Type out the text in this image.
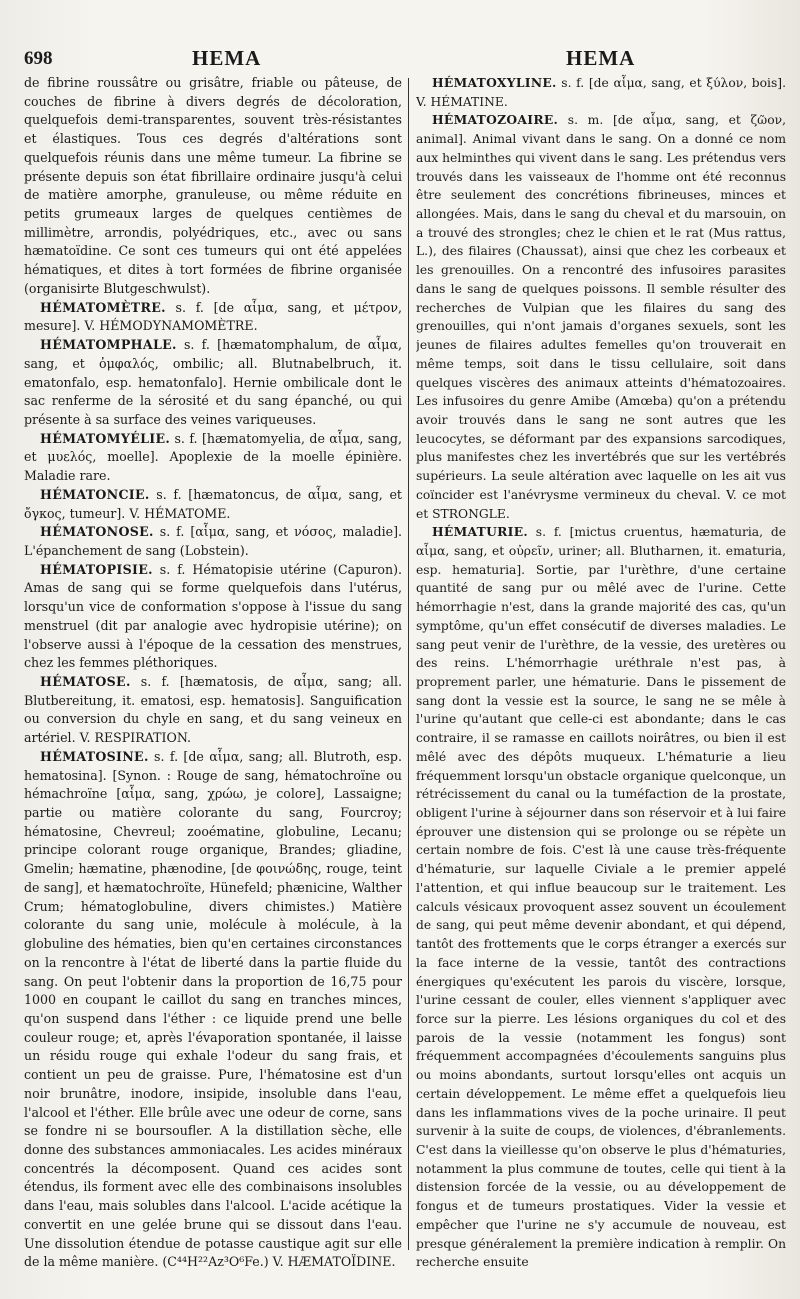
698	HEMA	HEMA

de fibrine roussâtre ou grisâtre, friable ou pâteuse, de couches de fibrine à divers degrés de décoloration, quelquefois demi-transparentes, souvent très-résistantes et élastiques. Tous ces degrés d'altérations sont quelquefois réunis dans une même tumeur. La fibrine se présente depuis son état fibrillaire ordinaire jusqu'à celui de matière amorphe, granuleuse, ou même réduite en petits grumeaux larges de quelques centièmes de millimètre, arrondis, polyédriques, etc., avec ou sans hæmatoïdine. Ce sont ces tumeurs qui ont été appelées hématiques, et dites à tort formées de fibrine organisée (organisirte Blutgeschwulst).

HÉMATOMÈTRE. s. f. [de αἷμα, sang, et μέτρον, mesure]. V. HÉMODYNAMOMÈTRE.

HÉMATOMPHALE. s. f. [hæmatomphalum, de αἷμα, sang, et ὀμφαλός, ombilic; all. Blutnabelbruch, it. ematonfalo, esp. hematonfalo]. Hernie ombilicale dont le sac renferme de la sérosité et du sang épanché, ou qui présente à sa surface des veines variqueuses.

HÉMATOMYÉLIE. s. f. [hæmatomyelia, de αἷμα, sang, et μυελός, moelle]. Apoplexie de la moelle épinière. Maladie rare.

HÉMATONCIE. s. f. [hæmatoncus, de αἷμα, sang, et ὄγκος, tumeur]. V. HÉMATOME.

HÉMATONOSE. s. f. [αἷμα, sang, et νόσος, maladie]. L'épanchement de sang (Lobstein).

HÉMATOPISIE. s. f. Hématopisie utérine (Capuron). Amas de sang qui se forme quelquefois dans l'utérus, lorsqu'un vice de conformation s'oppose à l'issue du sang menstruel (dit par analogie avec hydropisie utérine); on l'observe aussi à l'époque de la cessation des menstrues, chez les femmes pléthoriques.

HÉMATOSE. s. f. [hæmatosis, de αἷμα, sang; all. Blutbereitung, it. ematosi, esp. hematosis]. Sanguification ou conversion du chyle en sang, et du sang veineux en artériel. V. RESPIRATION.

HÉMATOSINE. s. f. [de αἷμα, sang; all. Blutroth, esp. hematosina]. [Synon. : Rouge de sang, hématochroïne ou hémachroïne [αἷμα, sang, χρώω, je colore], Lassaigne; partie ou matière colorante du sang, Fourcroy; hématosine, Chevreul; zooématine, globuline, Lecanu; principe colorant rouge organique, Brandes; gliadine, Gmelin; hæmatine, phænodine, [de φοινώδης, rouge, teint de sang], et hæmatochroïte, Hünefeld; phænicine, Walther Crum; hématoglobuline, divers chimistes.) Matière colorante du sang unie, molécule à molécule, à la globuline des hématies, bien qu'en certaines circonstances on la rencontre à l'état de liberté dans la partie fluide du sang. On peut l'obtenir dans la proportion de 16,75 pour 1000 en coupant le caillot du sang en tranches minces, qu'on suspend dans l'éther : ce liquide prend une belle couleur rouge; et, après l'évaporation spontanée, il laisse un résidu rouge qui exhale l'odeur du sang frais, et contient un peu de graisse. Pure, l'hématosine est d'un noir brunâtre, inodore, insipide, insoluble dans l'eau, l'alcool et l'éther. Elle brûle avec une odeur de corne, sans se fondre ni se boursoufler. A la distillation sèche, elle donne des substances ammoniacales. Les acides minéraux concentrés la décomposent. Quand ces acides sont étendus, ils forment avec elle des combinaisons insolubles dans l'eau, mais solubles dans l'alcool. L'acide acétique la convertit en une gelée brune qui se dissout dans l'eau. Une dissolution étendue de potasse caustique agit sur elle de la même manière. (C⁴⁴H²²Az³O⁶Fe.) V. HÆMATOÏDINE.

HÉMATOXYLINE. s. f. [de αἷμα, sang, et ξύλον, bois]. V. HÉMATINE.

HÉMATOZOAIRE. s. m. [de αἷμα, sang, et ζῶον, animal]. Animal vivant dans le sang. On a donné ce nom aux helminthes qui vivent dans le sang. Les prétendus vers trouvés dans les vaisseaux de l'homme ont été reconnus être seulement des concrétions fibrineuses, minces et allongées. Mais, dans le sang du cheval et du marsouin, on a trouvé des strongles; chez le chien et le rat (Mus rattus, L.), des filaires (Chaussat), ainsi que chez les corbeaux et les grenouilles. On a rencontré des infusoires parasites dans le sang de quelques poissons. Il semble résulter des recherches de Vulpian que les filaires du sang des grenouilles, qui n'ont jamais d'organes sexuels, sont les jeunes de filaires adultes femelles qu'on trouverait en même temps, soit dans le tissu cellulaire, soit dans quelques viscères des animaux atteints d'hématozoaires. Les infusoires du genre Amibe (Amœba) qu'on a prétendu avoir trouvés dans le sang ne sont autres que les leucocytes, se déformant par des expansions sarcodiques, plus manifestes chez les invertébrés que sur les vertébrés supérieurs. La seule altération avec laquelle on les ait vus coïncider est l'anévrysme vermineux du cheval. V. ce mot et STRONGLE.

HÉMATURIE. s. f. [mictus cruentus, hæmaturia, de αἷμα, sang, et οὐρεῖν, uriner; all. Blutharnen, it. ematuria, esp. hematuria]. Sortie, par l'urèthre, d'une certaine quantité de sang pur ou mêlé avec de l'urine. Cette hémorrhagie n'est, dans la grande majorité des cas, qu'un symptôme, qu'un effet consécutif de diverses maladies. Le sang peut venir de l'urèthre, de la vessie, des uretères ou des reins. L'hémorrhagie uréthrale n'est pas, à proprement parler, une hématurie. Dans le pissement de sang dont la vessie est la source, le sang ne se mêle à l'urine qu'autant que celle-ci est abondante; dans le cas contraire, il se ramasse en caillots noirâtres, ou bien il est mêlé avec des dépôts muqueux. L'hématurie a lieu fréquemment lorsqu'un obstacle organique quelconque, un rétrécissement du canal ou la tuméfaction de la prostate, obligent l'urine à séjourner dans son réservoir et à lui faire éprouver une distension qui se prolonge ou se répète un certain nombre de fois. C'est là une cause très-fréquente d'hématurie, sur laquelle Civiale a le premier appelé l'attention, et qui influe beaucoup sur le traitement. Les calculs vésicaux provoquent assez souvent un écoulement de sang, qui peut même devenir abondant, et qui dépend, tantôt des frottements que le corps étranger a exercés sur la face interne de la vessie, tantôt des contractions énergiques qu'exécutent les parois du viscère, lorsque, l'urine cessant de couler, elles viennent s'appliquer avec force sur la pierre. Les lésions organiques du col et des parois de la vessie (notamment les fongus) sont fréquemment accompagnées d'écoulements sanguins plus ou moins abondants, surtout lorsqu'elles ont acquis un certain développement. Le même effet a quelquefois lieu dans les inflammations vives de la poche urinaire. Il peut survenir à la suite de coups, de violences, d'ébranlements. C'est dans la vieillesse qu'on observe le plus d'hématuries, notamment la plus commune de toutes, celle qui tient à la distension forcée de la vessie, ou au développement de fongus et de tumeurs prostatiques. Vider la vessie et empêcher que l'urine ne s'y accumule de nouveau, est presque généralement la première indication à remplir. On recherche ensuite
